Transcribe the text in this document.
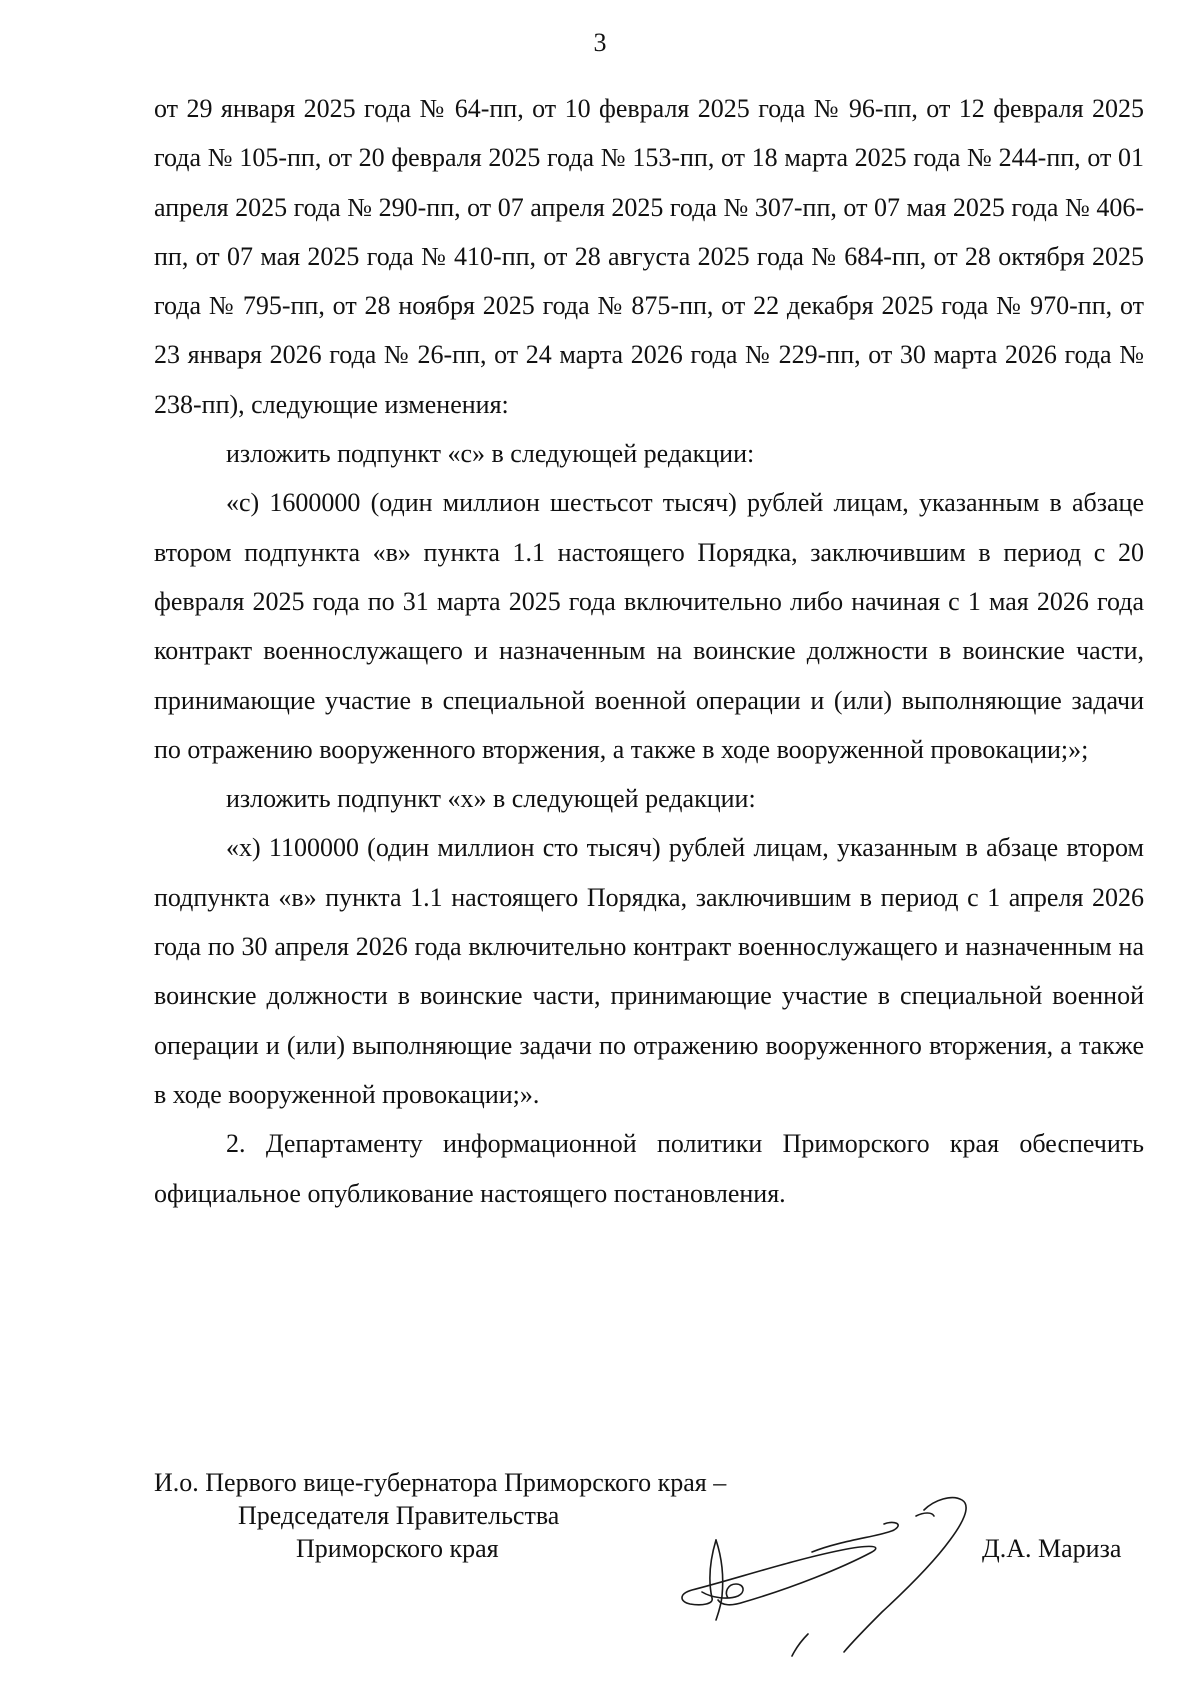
3

от 29 января 2025 года № 64-пп, от 10 февраля 2025 года № 96-пп, от 12 февраля 2025 года № 105-пп, от 20 февраля 2025 года № 153-пп, от 18 марта 2025 года № 244-пп, от 01 апреля 2025 года № 290-пп, от 07 апреля 2025 года № 307-пп, от 07 мая 2025 года № 406-пп, от 07 мая 2025 года № 410-пп, от 28 августа 2025 года № 684-пп, от 28 октября 2025 года № 795-пп, от 28 ноября 2025 года № 875-пп, от 22 декабря 2025 года № 970-пп, от 23 января 2026 года № 26-пп, от 24 марта 2026 года № 229-пп, от 30 марта 2026 года № 238-пп), следующие изменения:

изложить подпункт «с» в следующей редакции:

«с) 1600000 (один миллион шестьсот тысяч) рублей лицам, указанным в абзаце втором подпункта «в» пункта 1.1 настоящего Порядка, заключившим в период с 20 февраля 2025 года по 31 марта 2025 года включительно либо начиная с 1 мая 2026 года контракт военнослужащего и назначенным на воинские должности в воинские части, принимающие участие в специальной военной операции и (или) выполняющие задачи по отражению вооруженного вторжения, а также в ходе вооруженной провокации;»;

изложить подпункт «х» в следующей редакции:

«х) 1100000 (один миллион сто тысяч) рублей лицам, указанным в абзаце втором подпункта «в» пункта 1.1 настоящего Порядка, заключившим в период с 1 апреля 2026 года по 30 апреля 2026 года включительно контракт военнослужащего и назначенным на воинские должности в воинские части, принимающие участие в специальной военной операции и (или) выполняющие задачи по отражению вооруженного вторжения, а также в ходе вооруженной провокации;».

2. Департаменту информационной политики Приморского края обеспечить официальное опубликование настоящего постановления.

И.о. Первого вице-губернатора Приморского края –
Председателя Правительства
Приморского края	Д.А. Мариза
